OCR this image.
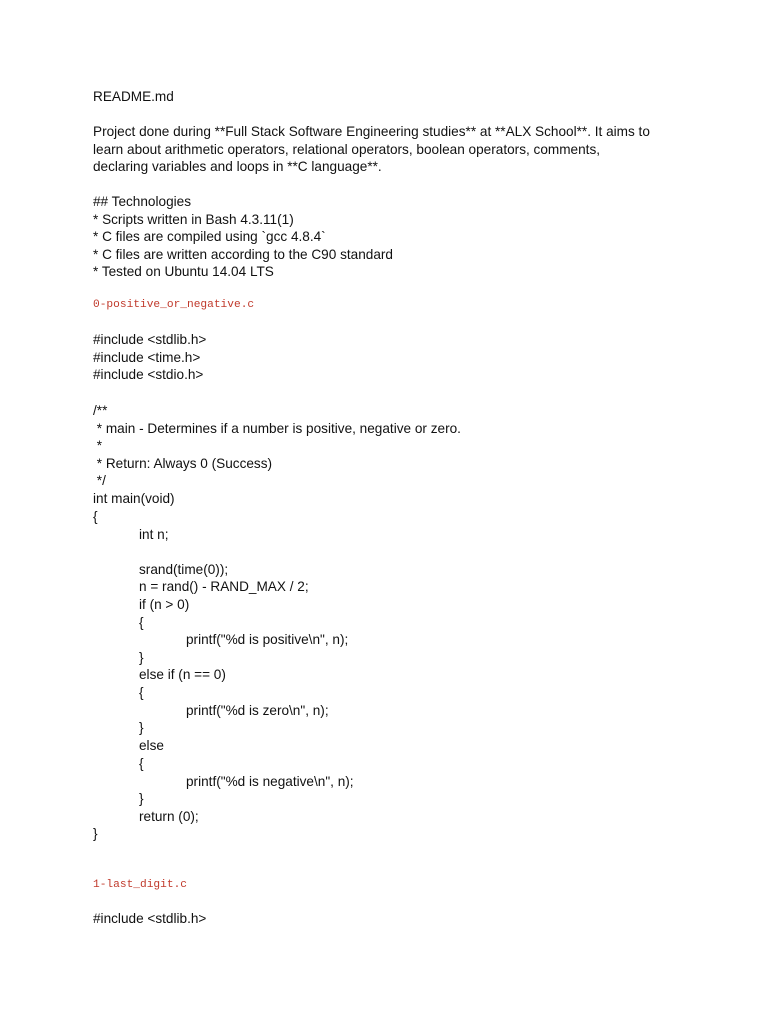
README.md
Project done during **Full Stack Software Engineering studies** at **ALX School**. It aims to
learn about arithmetic operators, relational operators, boolean operators, comments,
declaring variables and loops in **C language**.
## Technologies
* Scripts written in Bash 4.3.11(1)
* C files are compiled using `gcc 4.8.4`
* C files are written according to the C90 standard
* Tested on Ubuntu 14.04 LTS
0-positive_or_negative.c
#include <stdlib.h>
#include <time.h>
#include <stdio.h>
/**
* main - Determines if a number is positive, negative or zero.
*
* Return: Always 0 (Success)
*/
int main(void)
{
int n;
srand(time(0));
n = rand() - RAND_MAX / 2;
if (n > 0)
{
printf("%d is positive\n", n);
}
else if (n == 0)
{
printf("%d is zero\n", n);
}
else
{
printf("%d is negative\n", n);
}
return (0);
}
1-last_digit.c
#include <stdlib.h>
